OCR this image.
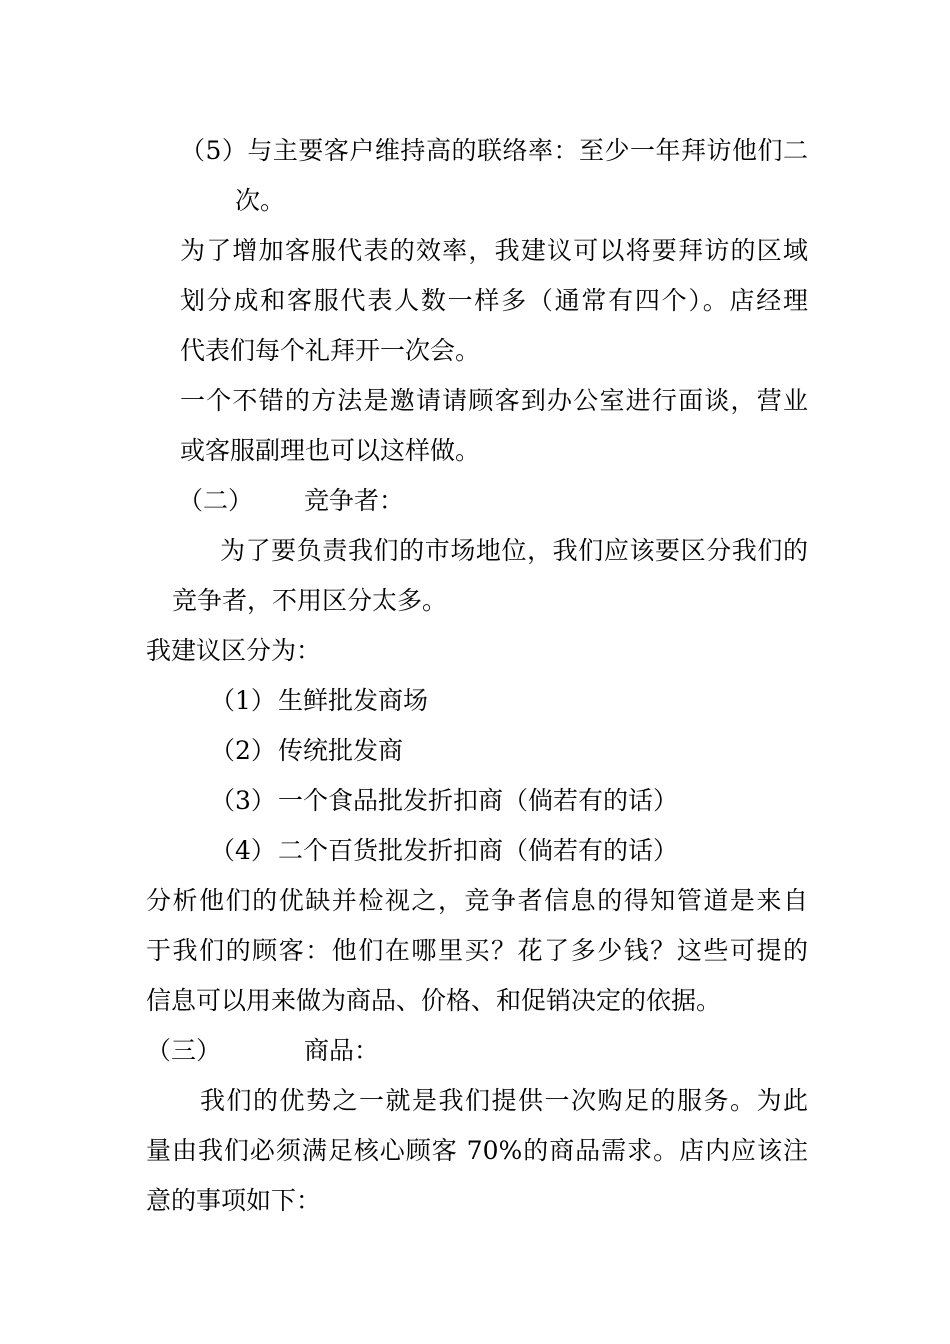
（5）与主要客户维持高的联络率：至少一年拜访他们二
次。
为了增加客服代表的效率，我建议可以将要拜访的区域
划分成和客服代表人数一样多（通常有四个）。店经理
代表们每个礼拜开一次会。
一个不错的方法是邀请请顾客到办公室进行面谈，营业
或客服副理也可以这样做。
（二） 竞争者：
为了要负责我们的市场地位，我们应该要区分我们的
竞争者，不用区分太多。
我建议区分为：
（1）生鲜批发商场
（2）传统批发商
（3）一个食品批发折扣商（倘若有的话）
（4）二个百货批发折扣商（倘若有的话）
分析他们的优缺并检视之，竞争者信息的得知管道是来自
于我们的顾客：他们在哪里买？花了多少钱？这些可提的
信息可以用来做为商品、价格、和促销决定的依据。
（三）	商品：
我们的优势之一就是我们提供一次购足的服务。为此
量由我们必须满足核心顾客 70%的商品需求。店内应该注
意的事项如下：
